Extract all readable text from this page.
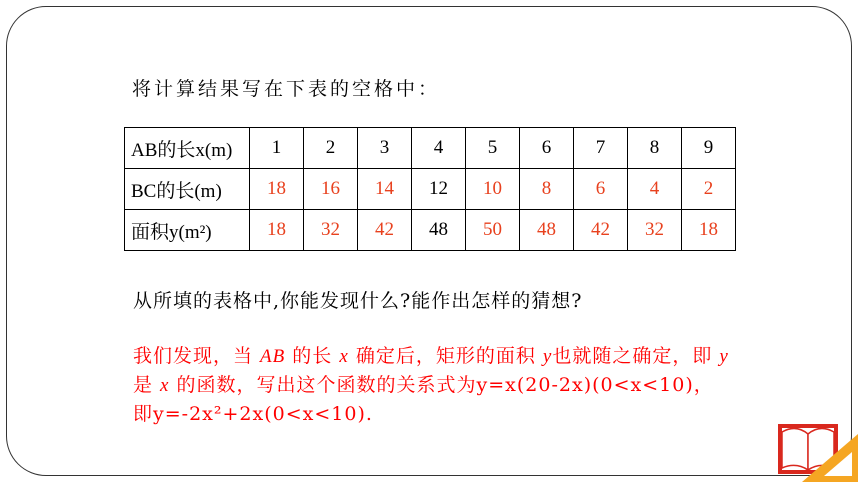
将计算结果写在下表的空格中：
AB的长x(m)	1	2	3	4	5	6	7	8	9
BC的长(m)	18	16	14	12	10	8	6	4	2
面积y(m²)	18	32	42	48	50	48	42	32	18
从所填的表格中,你能发现什么?能作出怎样的猜想?
我们发现，当 AB 的长 x 确定后，矩形的面积 y也就随之确定，即 y 是 x 的函数，写出这个函数的关系式为y=x(20-2x)(0<x<10)，即y=-2x²+2x(0<x<10).
